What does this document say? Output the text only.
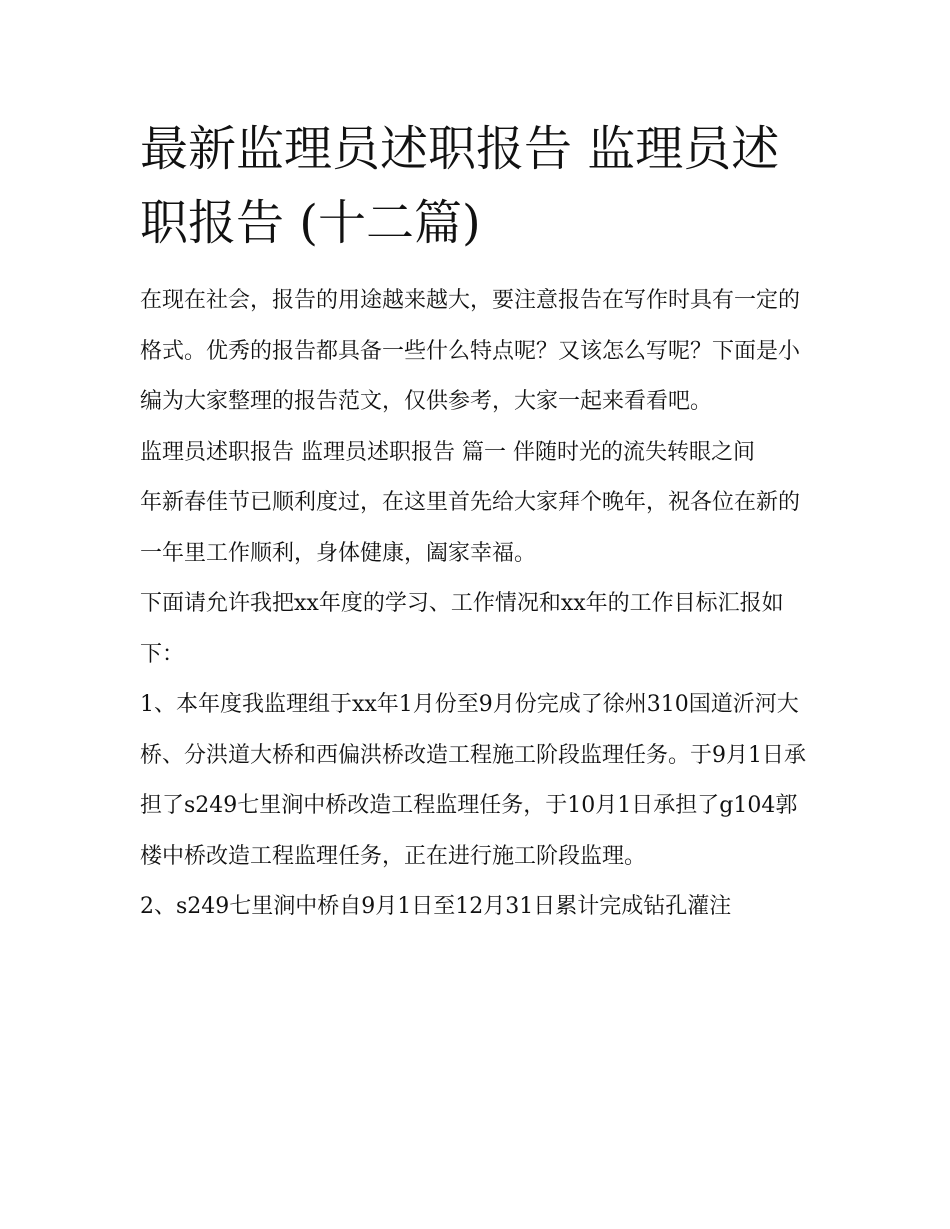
最新监理员述职报告 监理员述职报告 (十二篇)

在现在社会，报告的用途越来越大，要注意报告在写作时具有一定的格式。优秀的报告都具备一些什么特点呢？又该怎么写呢？下面是小编为大家整理的报告范文，仅供参考，大家一起来看看吧。

监理员述职报告 监理员述职报告 篇一 伴随时光的流失转眼之间

年新春佳节已顺利度过，在这里首先给大家拜个晚年，祝各位在新的一年里工作顺利，身体健康，阖家幸福。

下面请允许我把xx年度的学习、工作情况和xx年的工作目标汇报如下：

1、本年度我监理组于xx年1月份至9月份完成了徐州310国道沂河大桥、分洪道大桥和西偏洪桥改造工程施工阶段监理任务。于9月1日承担了s249七里涧中桥改造工程监理任务，于10月1日承担了g104郭楼中桥改造工程监理任务，正在进行施工阶段监理。

2、s249七里涧中桥自9月1日至12月31日累计完成钻孔灌注
